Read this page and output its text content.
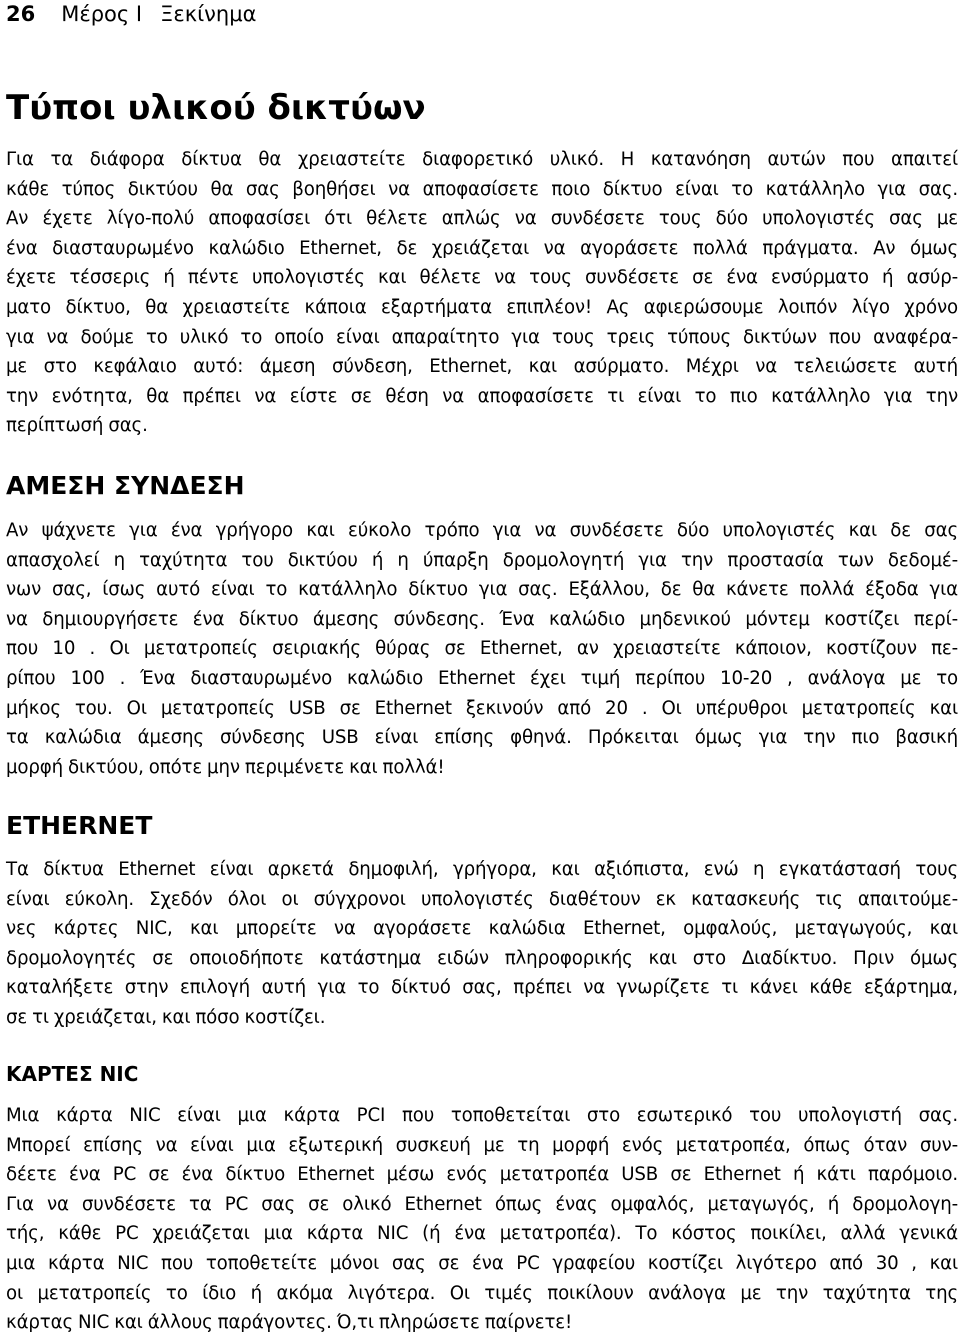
26 Μέρος Ι Ξεκίνημα
Τύποι υλικού δικτύων

Για τα διάφορα δίκτυα θα χρειαστείτε διαφορετικό υλικό. Η κατανόηση αυτών που απαιτεί
κάθε τύπος δικτύου θα σας βοηθήσει να αποφασίσετε ποιο δίκτυο είναι το κατάλληλο για σας.
Αν έχετε λίγο-πολύ αποφασίσει ότι θέλετε απλώς να συνδέσετε τους δύο υπολογιστές σας με
ένα διασταυρωμένο καλώδιο Ethernet, δε χρειάζεται να αγοράσετε πολλά πράγματα. Αν όμως
έχετε τέσσερις ή πέντε υπολογιστές και θέλετε να τους συνδέσετε σε ένα ενσύρματο ή ασύρ-
ματο δίκτυο, θα χρειαστείτε κάποια εξαρτήματα επιπλέον! Ας αφιερώσουμε λοιπόν λίγο χρόνο
για να δούμε το υλικό το οποίο είναι απαραίτητο για τους τρεις τύπους δικτύων που αναφέρα-
με στο κεφάλαιο αυτό: άμεση σύνδεση, Ethernet, και ασύρματο. Μέχρι να τελειώσετε αυτή
την ενότητα, θα πρέπει να είστε σε θέση να αποφασίσετε τι είναι το πιο κατάλληλο για την
περίπτωσή σας.

ΑΜΕΣΗ ΣΥΝΔΕΣΗ

Αν ψάχνετε για ένα γρήγορο και εύκολο τρόπο για να συνδέσετε δύο υπολογιστές και δε σας
απασχολεί η ταχύτητα του δικτύου ή η ύπαρξη δρομολογητή για την προστασία των δεδομέ-
νων σας, ίσως αυτό είναι το κατάλληλο δίκτυο για σας. Εξάλλου, δε θα κάνετε πολλά έξοδα για
να δημιουργήσετε ένα δίκτυο άμεσης σύνδεσης. Ένα καλώδιο μηδενικού μόντεμ κοστίζει περί-
που 10 . Οι μετατροπείς σειριακής θύρας σε Ethernet, αν χρειαστείτε κάποιον, κοστίζουν πε-
ρίπου 100 . Ένα διασταυρωμένο καλώδιο Ethernet έχει τιμή περίπου 10-20 , ανάλογα με το
μήκος του. Οι μετατροπείς USB σε Ethernet ξεκινούν από 20 . Οι υπέρυθροι μετατροπείς και
τα καλώδια άμεσης σύνδεσης USB είναι επίσης φθηνά. Πρόκειται όμως για την πιο βασική
μορφή δικτύου, οπότε μην περιμένετε και πολλά!

ETHERNET

Τα δίκτυα Ethernet είναι αρκετά δημοφιλή, γρήγορα, και αξιόπιστα, ενώ η εγκατάστασή τους
είναι εύκολη. Σχεδόν όλοι οι σύγχρονοι υπολογιστές διαθέτουν εκ κατασκευής τις απαιτούμε-
νες κάρτες NIC, και μπορείτε να αγοράσετε καλώδια Ethernet, ομφαλούς, μεταγωγούς, και
δρομολογητές σε οποιοδήποτε κατάστημα ειδών πληροφορικής και στο Διαδίκτυο. Πριν όμως
καταλήξετε στην επιλογή αυτή για το δίκτυό σας, πρέπει να γνωρίζετε τι κάνει κάθε εξάρτημα,
σε τι χρειάζεται, και πόσο κοστίζει.

ΚΑΡΤΕΣ NIC

Μια κάρτα NIC είναι μια κάρτα PCI που τοποθετείται στο εσωτερικό του υπολογιστή σας.
Μπορεί επίσης να είναι μια εξωτερική συσκευή με τη μορφή ενός μετατροπέα, όπως όταν συν-
δέετε ένα PC σε ένα δίκτυο Ethernet μέσω ενός μετατροπέα USB σε Ethernet ή κάτι παρόμοιο.
Για να συνδέσετε τα PC σας σε ολικό Ethernet όπως ένας ομφαλός, μεταγωγός, ή δρομολογη-
τής, κάθε PC χρειάζεται μια κάρτα NIC (ή ένα μετατροπέα). Το κόστος ποικίλει, αλλά γενικά
μια κάρτα NIC που τοποθετείτε μόνοι σας σε ένα PC γραφείου κοστίζει λιγότερο από 30 , και
οι μετατροπείς το ίδιο ή ακόμα λιγότερα. Οι τιμές ποικίλουν ανάλογα με την ταχύτητα της
κάρτας NIC και άλλους παράγοντες. Ό,τι πληρώσετε παίρνετε!
